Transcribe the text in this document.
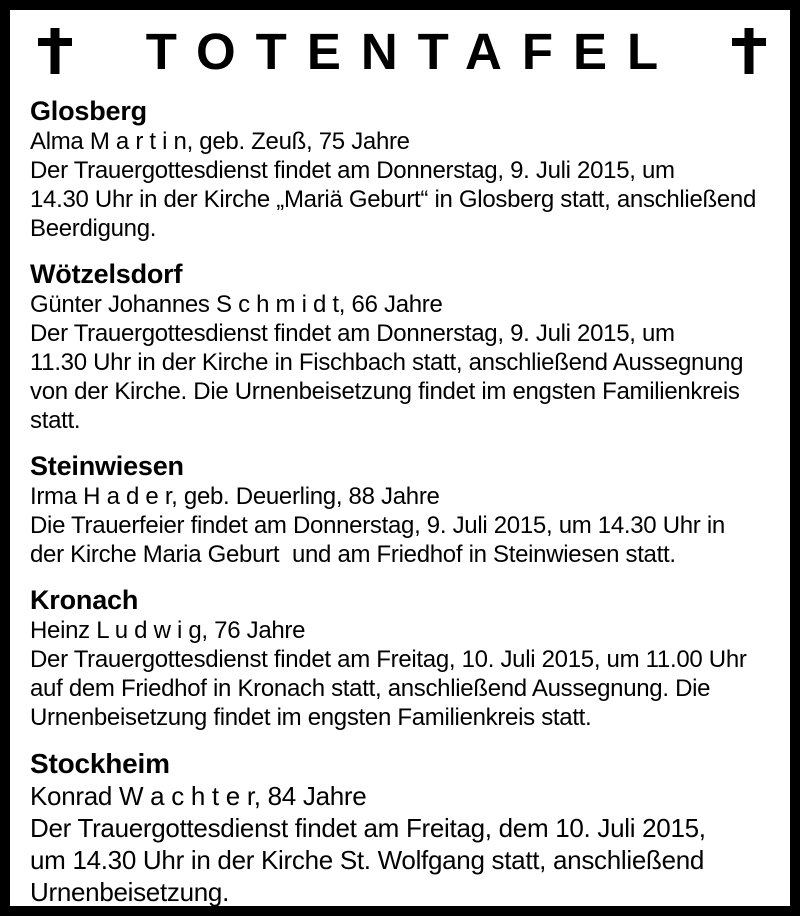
TOTENTAFEL
Glosberg
Alma M a r t i n, geb. Zeuß, 75 Jahre
Der Trauergottesdienst findet am Donnerstag, 9. Juli 2015, um
14.30 Uhr in der Kirche „Mariä Geburt“ in Glosberg statt, anschließend
Beerdigung.
Wötzelsdorf
Günter Johannes S c h m i d t, 66 Jahre
Der Trauergottesdienst findet am Donnerstag, 9. Juli 2015, um
11.30 Uhr in der Kirche in Fischbach statt, anschließend Aussegnung
von der Kirche. Die Urnenbeisetzung findet im engsten Familienkreis
statt.
Steinwiesen
Irma H a d e r, geb. Deuerling, 88 Jahre
Die Trauerfeier findet am Donnerstag, 9. Juli 2015, um 14.30 Uhr in
der Kirche Maria Geburt  und am Friedhof in Steinwiesen statt.
Kronach
Heinz L u d w i g, 76 Jahre
Der Trauergottesdienst findet am Freitag, 10. Juli 2015, um 11.00 Uhr
auf dem Friedhof in Kronach statt, anschließend Aussegnung. Die
Urnenbeisetzung findet im engsten Familienkreis statt.
Stockheim
Konrad W a c h t e r, 84 Jahre
Der Trauergottesdienst findet am Freitag, dem 10. Juli 2015,
um 14.30 Uhr in der Kirche St. Wolfgang statt, anschließend
Urnenbeisetzung.
